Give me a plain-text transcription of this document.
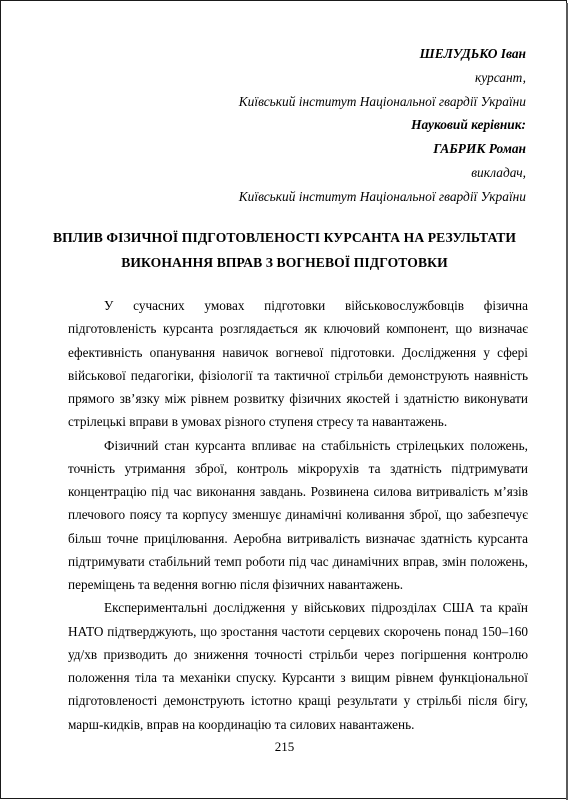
ШЕЛУДЬКО Іван
курсант,
Київський інститут Національної гвардії України
Науковий керівник:
ГАБРИК Роман
викладач,
Київський інститут Національної гвардії України
ВПЛИВ ФІЗИЧНОЇ ПІДГОТОВЛЕНОСТІ КУРСАНТА НА РЕЗУЛЬТАТИ
ВИКОНАННЯ ВПРАВ З ВОГНЕВОЇ ПІДГОТОВКИ

У сучасних умовах підготовки військовослужбовців фізична підготовленість курсанта розглядається як ключовий компонент, що визначає ефективність опанування навичок вогневої підготовки. Дослідження у сфері військової педагогіки, фізіології та тактичної стрільби демонструють наявність прямого зв’язку між рівнем розвитку фізичних якостей і здатністю виконувати стрілецькі вправи в умовах різного ступеня стресу та навантажень.

Фізичний стан курсанта впливає на стабільність стрілецьких положень, точність утримання зброї, контроль мікрорухів та здатність підтримувати концентрацію під час виконання завдань. Розвинена силова витривалість м’язів плечового поясу та корпусу зменшує динамічні коливання зброї, що забезпечує більш точне прицілювання. Аеробна витривалість визначає здатність курсанта підтримувати стабільний темп роботи під час динамічних вправ, змін положень, переміщень та ведення вогню після фізичних навантажень.

Експериментальні дослідження у військових підрозділах США та країн НАТО підтверджують, що зростання частоти серцевих скорочень понад 150–160 уд/хв призводить до зниження точності стрільби через погіршення контролю положення тіла та механіки спуску. Курсанти з вищим рівнем функціональної підготовленості демонструють істотно кращі результати у стрільбі після бігу, марш-кидків, вправ на координацію та силових навантажень.

215
